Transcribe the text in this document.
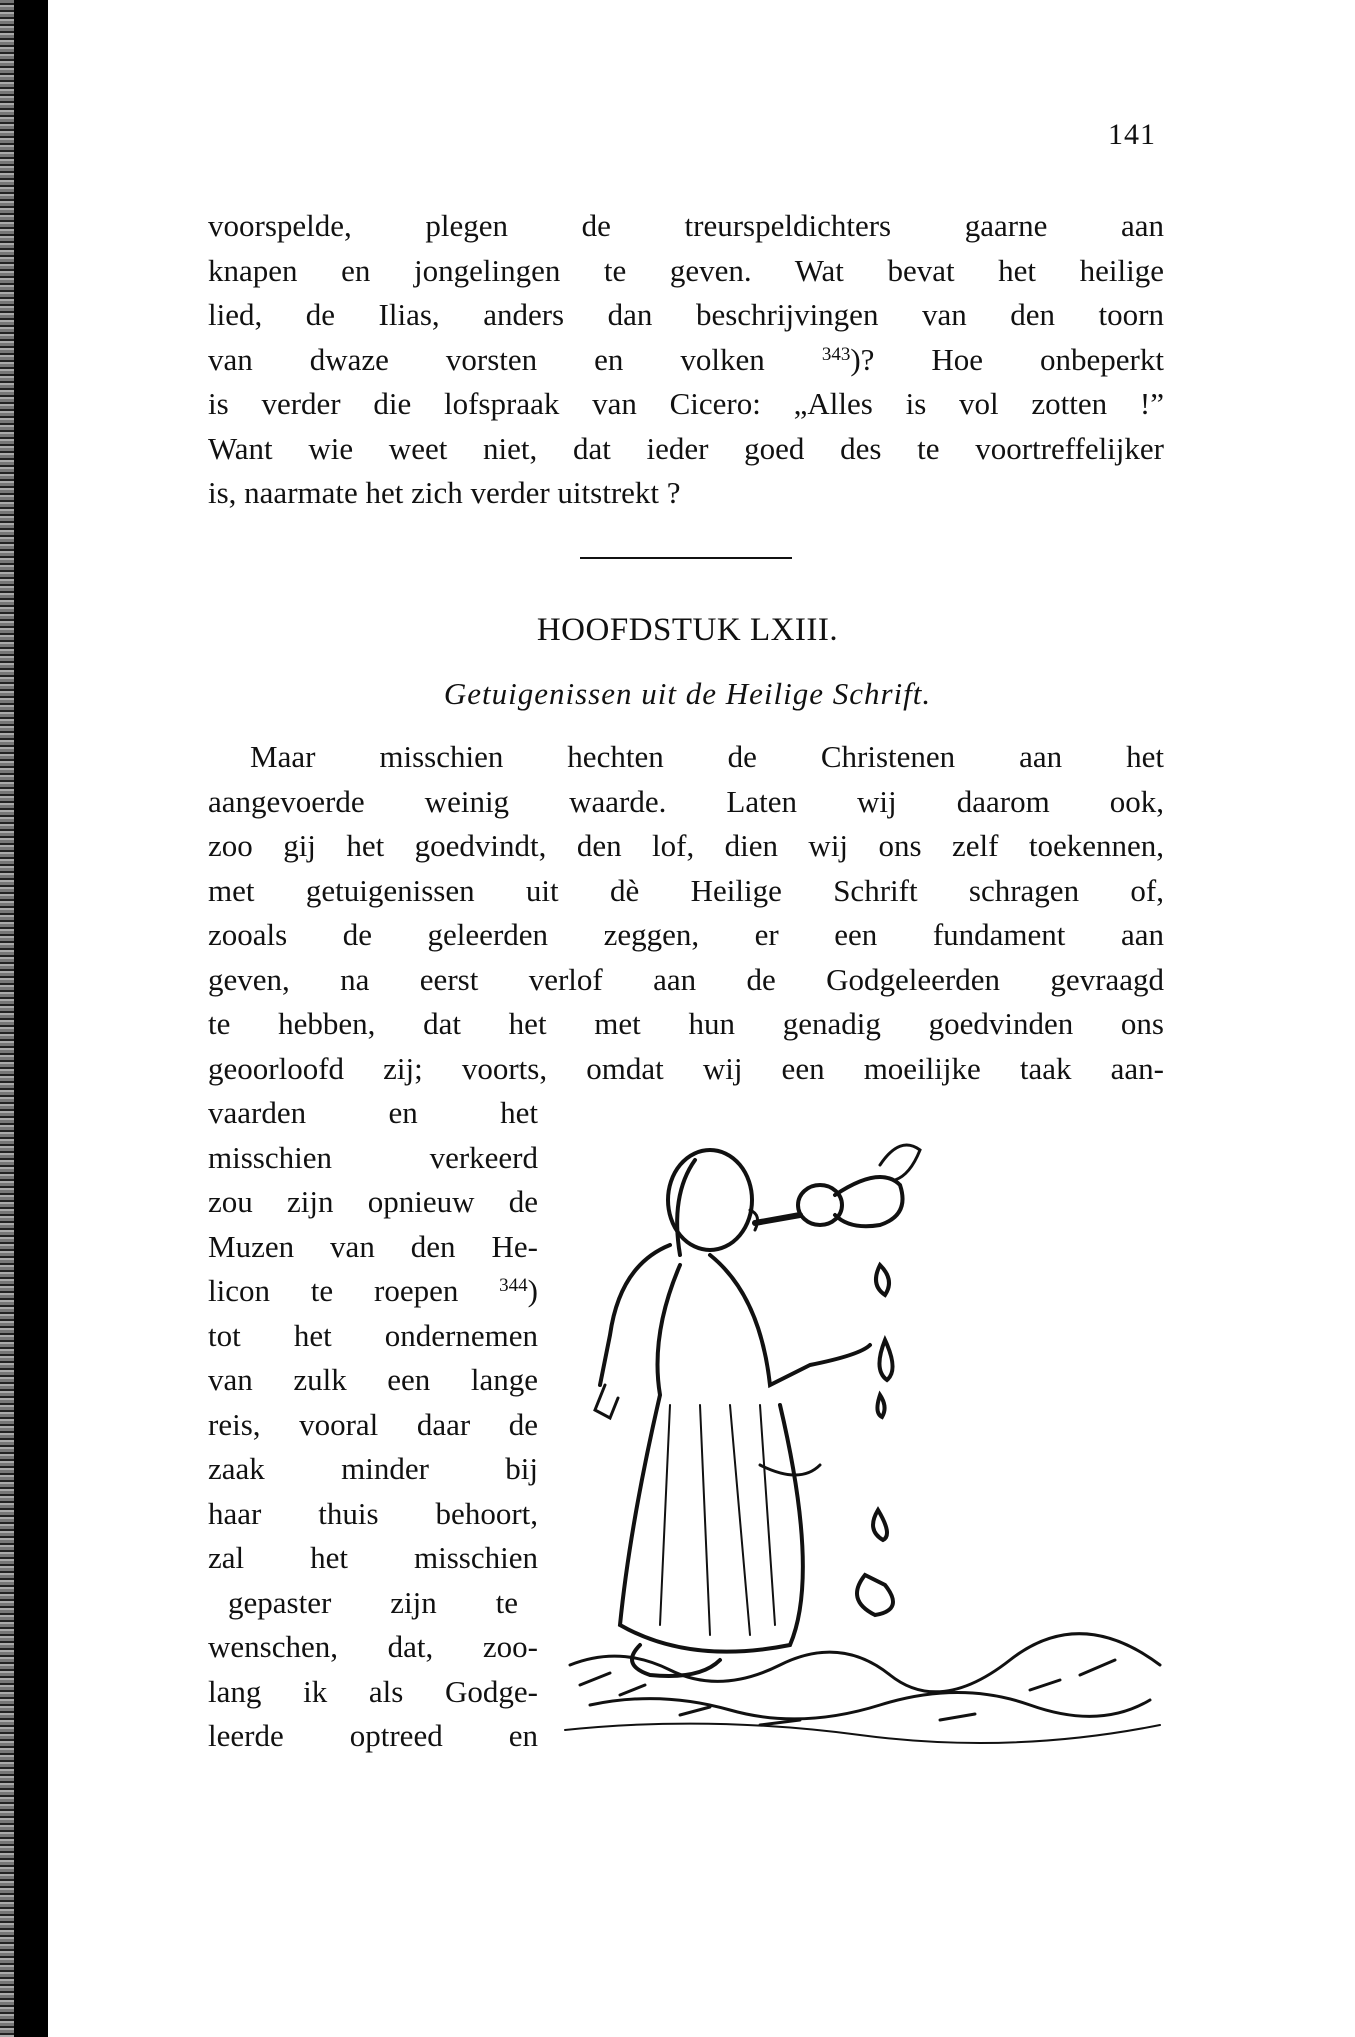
141
voorspelde, plegen de treurspeldichters gaarne aan
knapen en jongelingen te geven. Wat bevat het heilige
lied, de Ilias, anders dan beschrijvingen van den toorn
van dwaze vorsten en volken $^{343}$)? Hoe onbeperkt
is verder die lofspraak van Cicero: „Alles is vol zotten !”
Want wie weet niet, dat ieder goed des te voortreffelijker
is, naarmate het zich verder uitstrekt ?
HOOFDSTUK LXIII.
Getuigenissen uit de Heilige Schrift.
Maar misschien hechten de Christenen aan het
aangevoerde weinig waarde. Laten wij daarom ook,
zoo gij het goedvindt, den lof, dien wij ons zelf toekennen,
met getuigenissen uit dè Heilige Schrift schragen of,
zooals de geleerden zeggen, er een fundament aan
geven, na eerst verlof aan de Godgeleerden gevraagd
te hebben, dat het met hun genadig goedvinden ons
geoorloofd zij; voorts, omdat wij een moeilijke taak aan-
vaarden en het
misschien verkeerd
zou zijn opnieuw de
Muzen van den He-
licon te roepen $^{344}$)
tot het ondernemen
van zulk een lange
reis, vooral daar de
zaak minder bij
haar thuis behoort,
zal het misschien
gepaster zijn te
wenschen, dat, zoo-
lang ik als Godge-
leerde optreed en
